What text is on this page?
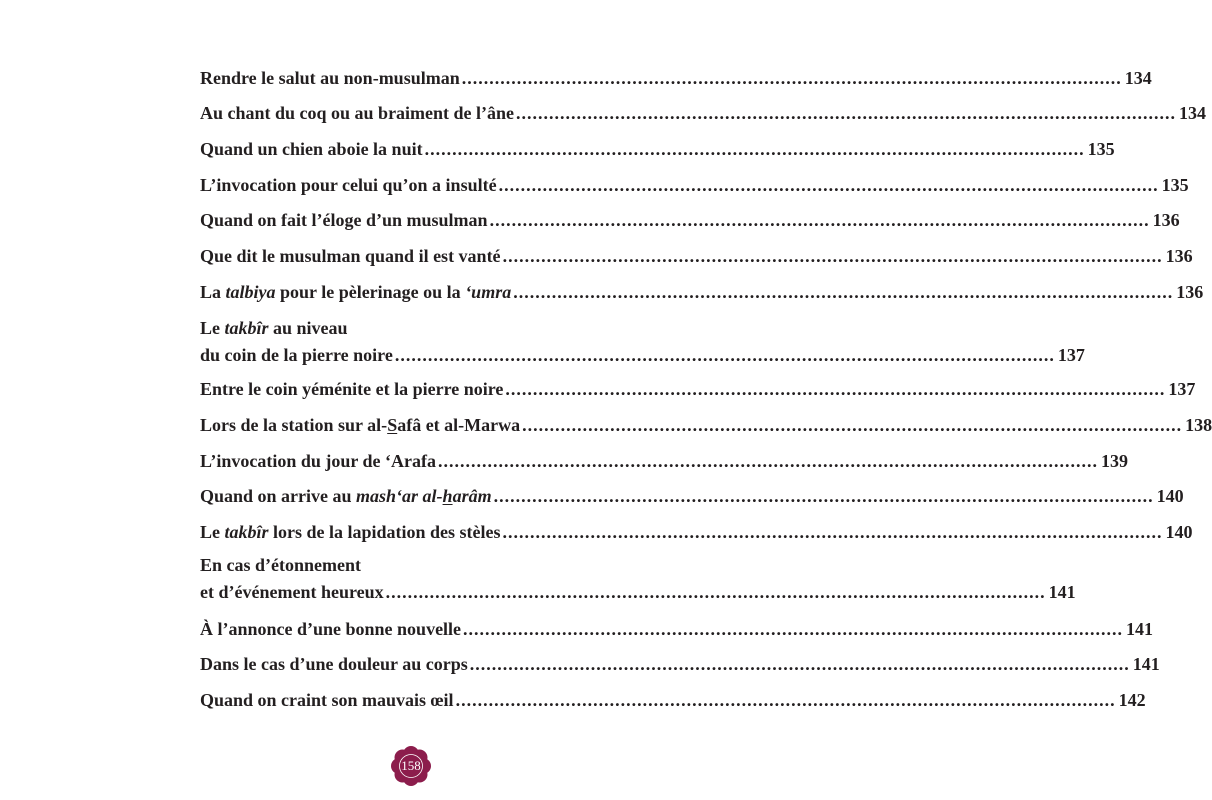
Rendre le salut au non-musulman ........................................................................................................................ 134
Au chant du coq ou au braiment de l’âne ........................................................................................................................ 134
Quand un chien aboie la nuit ........................................................................................................................ 135
L’invocation pour celui qu’on a insulté ........................................................................................................................ 135
Quand on fait l’éloge d’un musulman ........................................................................................................................ 136
Que dit le musulman quand il est vanté ........................................................................................................................ 136
La talbiya pour le pèlerinage ou la ‘umra ........................................................................................................................ 136
Le takbîr au niveau
du coin de la pierre noire ........................................................................................................................ 137
Entre le coin yéménite et la pierre noire ........................................................................................................................ 137
Lors de la station sur al-Safâ et al-Marwa ........................................................................................................................ 138
L’invocation du jour de ‘Arafa ........................................................................................................................ 139
Quand on arrive au mash‘ar al-harâm ........................................................................................................................ 140
Le takbîr lors de la lapidation des stèles ........................................................................................................................ 140
En cas d’étonnement
et d’événement heureux ........................................................................................................................ 141
À l’annonce d’une bonne nouvelle ........................................................................................................................ 141
Dans le cas d’une douleur au corps ........................................................................................................................ 141
Quand on craint son mauvais œil ........................................................................................................................ 142
158
